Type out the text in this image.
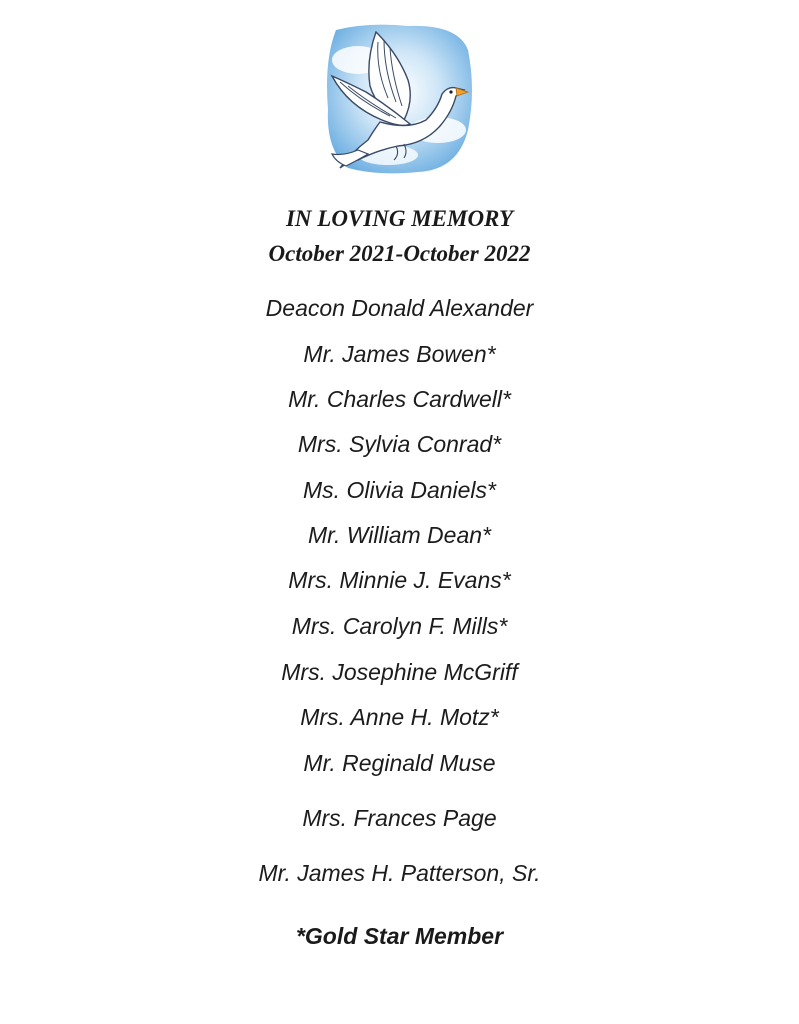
IN LOVING MEMORY
October 2021-October 2022
Deacon Donald Alexander
Mr. James Bowen*
Mr. Charles Cardwell*
Mrs. Sylvia Conrad*
Ms. Olivia Daniels*
Mr. William Dean*
Mrs. Minnie J. Evans*
Mrs. Carolyn F. Mills*
Mrs. Josephine McGriff
Mrs. Anne H. Motz*
Mr. Reginald Muse
Mrs. Frances Page
Mr. James H. Patterson, Sr.
*Gold Star Member
